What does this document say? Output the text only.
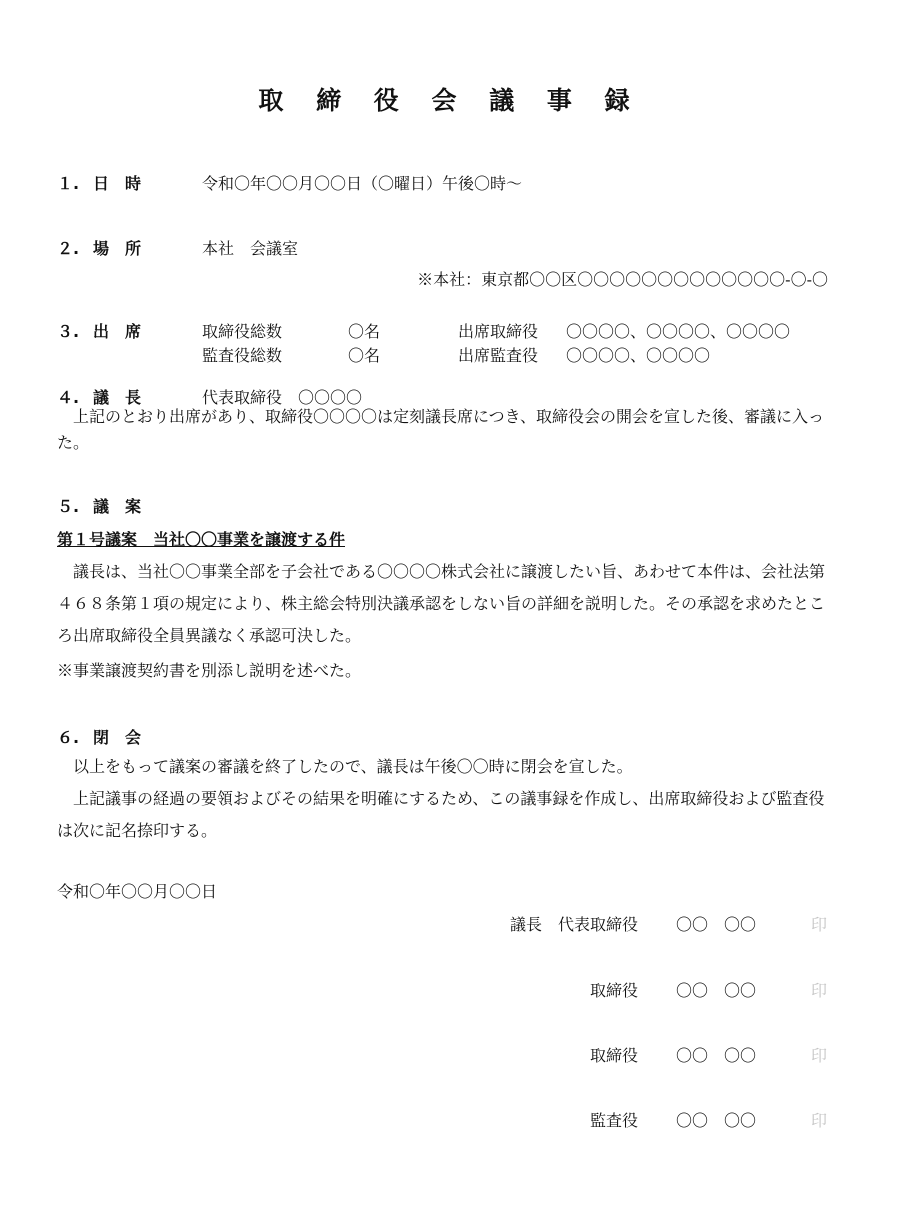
取 締 役 会 議 事 録
１. 日　時	令和〇年〇〇月〇〇日（〇曜日）午後〇時～
２. 場　所	本社　会議室
※本社：東京都〇〇区〇〇〇〇〇〇〇〇〇〇〇〇〇-〇-〇
３. 出　席	取締役総数	〇名	出席取締役 〇〇〇〇、〇〇〇〇、〇〇〇〇
監査役総数	〇名	出席監査役 〇〇〇〇、〇〇〇〇
４. 議　長	代表取締役　〇〇〇〇
上記のとおり出席があり、取締役〇〇〇〇は定刻議長席につき、取締役会の開会を宣した後、審議に入った。
５. 議　案
第１号議案　当社〇〇事業を譲渡する件
議長は、当社〇〇事業全部を子会社である〇〇〇〇株式会社に譲渡したい旨、あわせて本件は、会社法第４６８条第１項の規定により、株主総会特別決議承認をしない旨の詳細を説明した。その承認を求めたところ出席取締役全員異議なく承認可決した。
※事業譲渡契約書を別添し説明を述べた。
６. 閉　会
以上をもって議案の審議を終了したので、議長は午後〇〇時に閉会を宣した。
上記議事の経過の要領およびその結果を明確にするため、この議事録を作成し、出席取締役および監査役は次に記名捺印する。
令和〇年〇〇月〇〇日
議長　代表取締役 〇〇　〇〇	印
取締役 〇〇　〇〇	印
取締役 〇〇　〇〇	印
監査役 〇〇　〇〇	印
